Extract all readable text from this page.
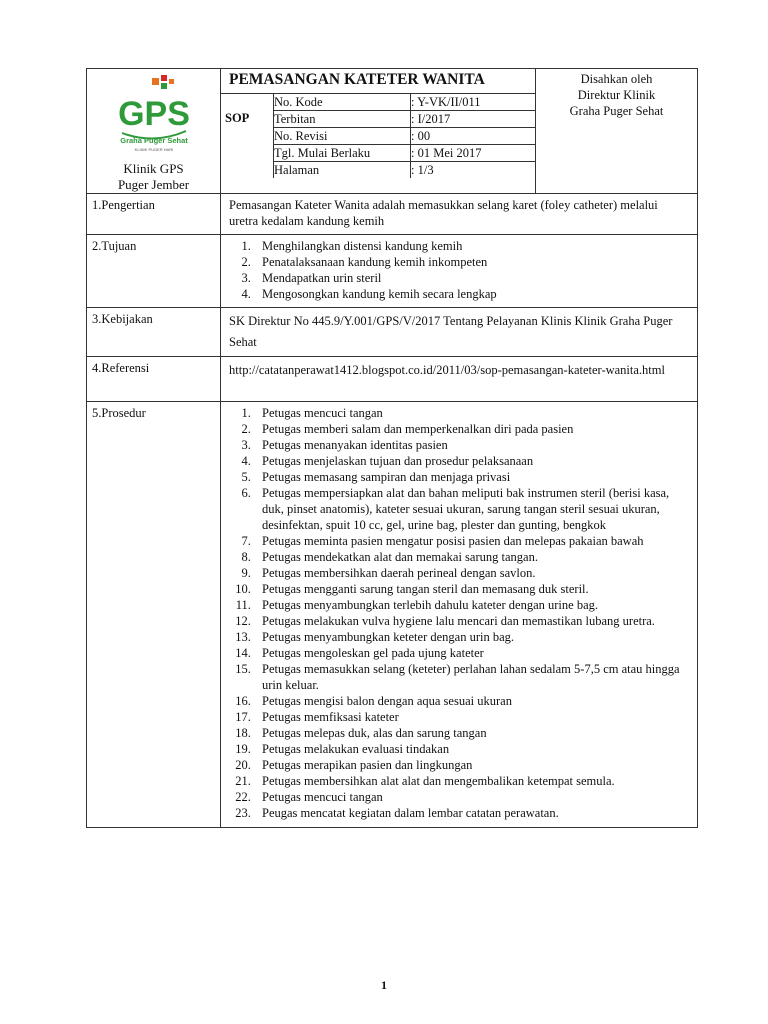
GPS
Graha Puger Sehat
KLINIK PUGER HARI
Klinik GPS
Puger Jember

PEMASANGAN KATETER WANITA
SOP
No. Kode	: Y-VK/II/011
Terbitan	: I/2017
No. Revisi	: 00
Tgl. Mulai Berlaku	: 01 Mei 2017
Halaman	: 1/3

Disahkan oleh
Direktur Klinik
Graha Puger Sehat

1.Pengertian	Pemasangan Kateter Wanita adalah memasukkan selang karet (foley catheter) melalui uretra kedalam kandung kemih
2.Tujuan	
1.Menghilangkan distensi kandung kemih
2. Penatalaksanaan kandung kemih inkompeten
3. Mendapatkan urin steril
4. Mengosongkan kandung kemih secara lengkap

3.Kebijakan	SK Direktur No 445.9/Y.001/GPS/V/2017 Tentang Pelayanan Klinis Klinik Graha Puger Sehat
4.Referensi	http://catatanperawat1412.blogspot.co.id/2011/03/sop-pemasangan-kateter-wanita.html
5.Prosedur	
1.Petugas mencuci tangan
2. Petugas memberi salam dan memperkenalkan diri pada pasien
3. Petugas menanyakan identitas pasien
4. Petugas menjelaskan tujuan dan prosedur pelaksanaan
5. Petugas memasang sampiran dan menjaga privasi
6. Petugas mempersiapkan alat dan bahan meliputi bak instrumen steril (berisi kasa, duk, pinset anatomis), kateter sesuai ukuran, sarung tangan steril sesuai ukuran, desinfektan, spuit 10 cc, gel, urine bag, plester dan gunting, bengkok
7. Petugas meminta pasien mengatur posisi pasien dan melepas pakaian bawah
8. Petugas mendekatkan alat dan memakai sarung tangan.
9. Petugas membersihkan daerah perineal dengan savlon.
10. Petugas mengganti sarung tangan steril dan memasang duk steril.
11. Petugas menyambungkan terlebih dahulu kateter dengan urine bag.
12. Petugas melakukan vulva hygiene lalu mencari dan memastikan lubang uretra.
13. Petugas menyambungkan keteter dengan urin bag.
14. Petugas mengoleskan gel pada ujung kateter
15. Petugas memasukkan selang (keteter) perlahan lahan sedalam 5-7,5 cm atau hingga urin keluar.
16. Petugas mengisi balon dengan aqua sesuai ukuran
17. Petugas memfiksasi kateter
18. Petugas melepas duk, alas dan sarung tangan
19. Petugas melakukan evaluasi tindakan
20. Petugas merapikan pasien dan lingkungan
21. Petugas membersihkan alat alat dan mengembalikan ketempat semula.
22. Petugas mencuci tangan
23. Peugas mencatat kegiatan dalam lembar catatan perawatan.
1
